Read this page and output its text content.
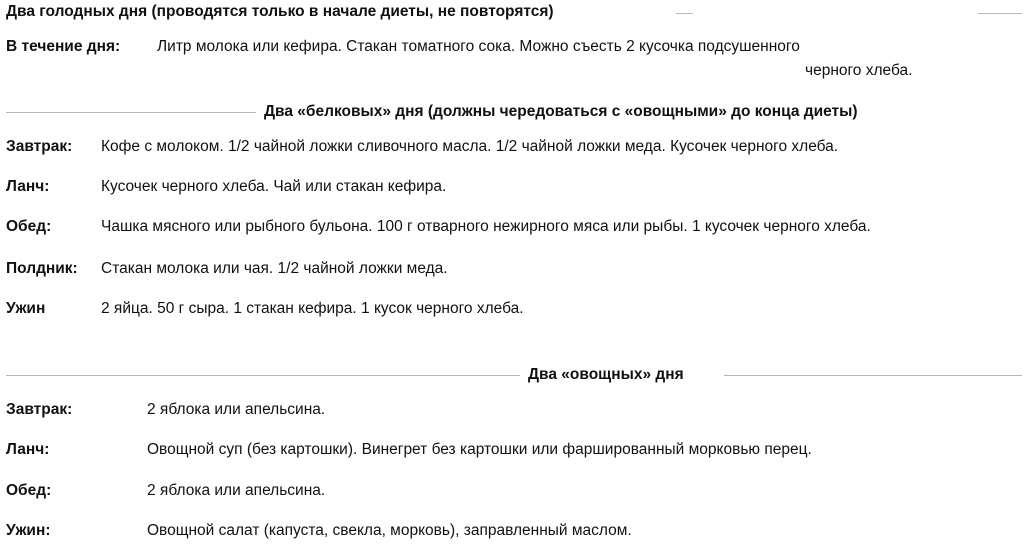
Два голодных дня (проводятся только в начале диеты, не повторятся)
В течение дня: Литр молока или кефира. Стакан томатного сока. Можно съесть 2 кусочка подсушенного
черного хлеба.
Два «белковых» дня (должны чередоваться с «овощными» до конца диеты)
Завтрак: Кофе с молоком. 1/2 чайной ложки сливочного масла. 1/2 чайной ложки меда. Кусочек черного хлеба.
Ланч:	Кусочек черного хлеба. Чай или стакан кефира.
Обед:	Чашка мясного или рыбного бульона. 100 г отварного нежирного мяса или рыбы. 1 кусочек черного хлеба.
Полдник: Стакан молока или чая. 1/2 чайной ложки меда.
Ужин	2 яйца. 50 г сыра. 1 стакан кефира. 1 кусок черного хлеба.
Два «овощных» дня
Завтрак:	2 яблока или апельсина.
Ланч:	Овощной суп (без картошки). Винегрет без картошки или фаршированный морковью перец.
Обед:	2 яблока или апельсина.
Ужин:	Овощной салат (капуста, свекла, морковь), заправленный маслом.
